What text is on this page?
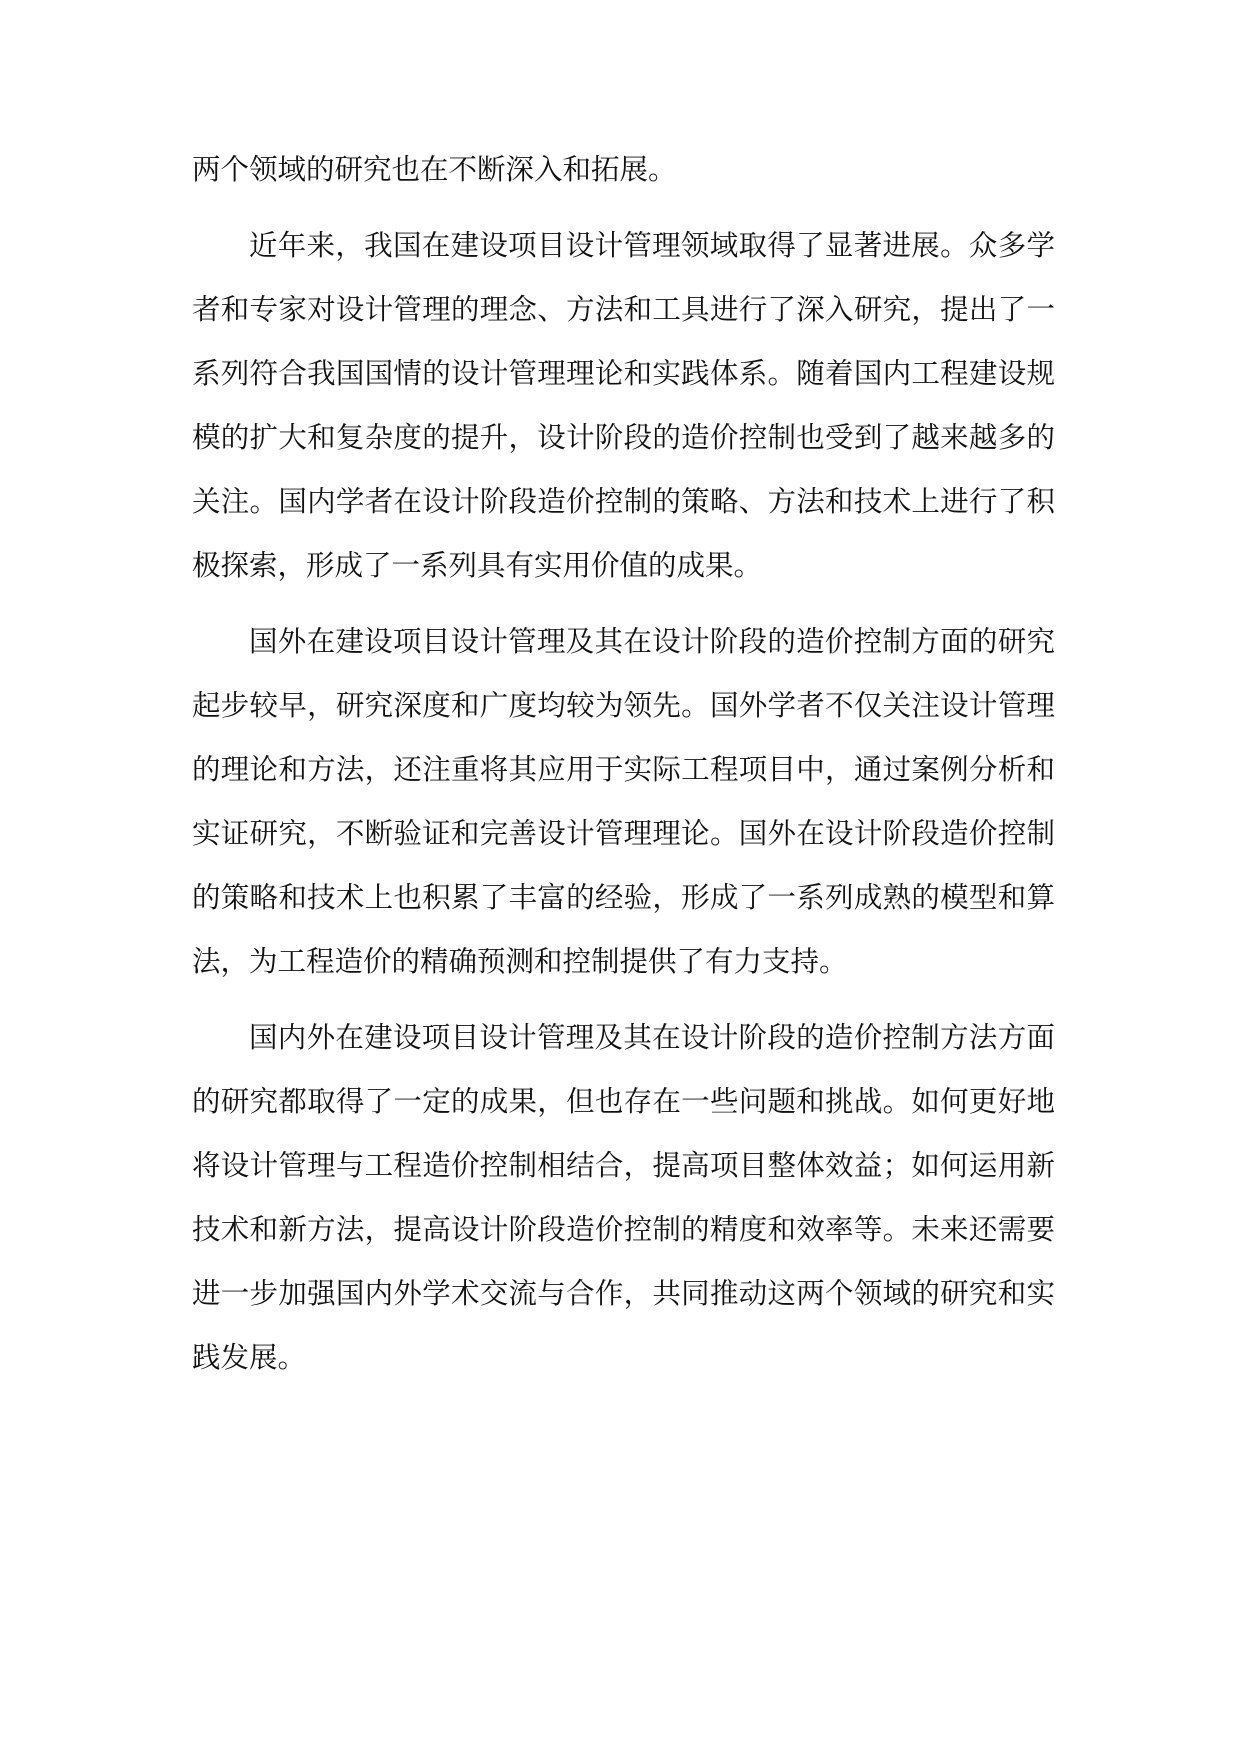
两个领域的研究也在不断深入和拓展。

近年来，我国在建设项目设计管理领域取得了显著进展。众多学者和专家对设计管理的理念、方法和工具进行了深入研究，提出了一系列符合我国国情的设计管理理论和实践体系。随着国内工程建设规模的扩大和复杂度的提升，设计阶段的造价控制也受到了越来越多的关注。国内学者在设计阶段造价控制的策略、方法和技术上进行了积极探索，形成了一系列具有实用价值的成果。

国外在建设项目设计管理及其在设计阶段的造价控制方面的研究起步较早，研究深度和广度均较为领先。国外学者不仅关注设计管理的理论和方法，还注重将其应用于实际工程项目中，通过案例分析和实证研究，不断验证和完善设计管理理论。国外在设计阶段造价控制的策略和技术上也积累了丰富的经验，形成了一系列成熟的模型和算法，为工程造价的精确预测和控制提供了有力支持。

国内外在建设项目设计管理及其在设计阶段的造价控制方法方面的研究都取得了一定的成果，但也存在一些问题和挑战。如何更好地将设计管理与工程造价控制相结合，提高项目整体效益；如何运用新技术和新方法，提高设计阶段造价控制的精度和效率等。未来还需要进一步加强国内外学术交流与合作，共同推动这两个领域的研究和实践发展。
